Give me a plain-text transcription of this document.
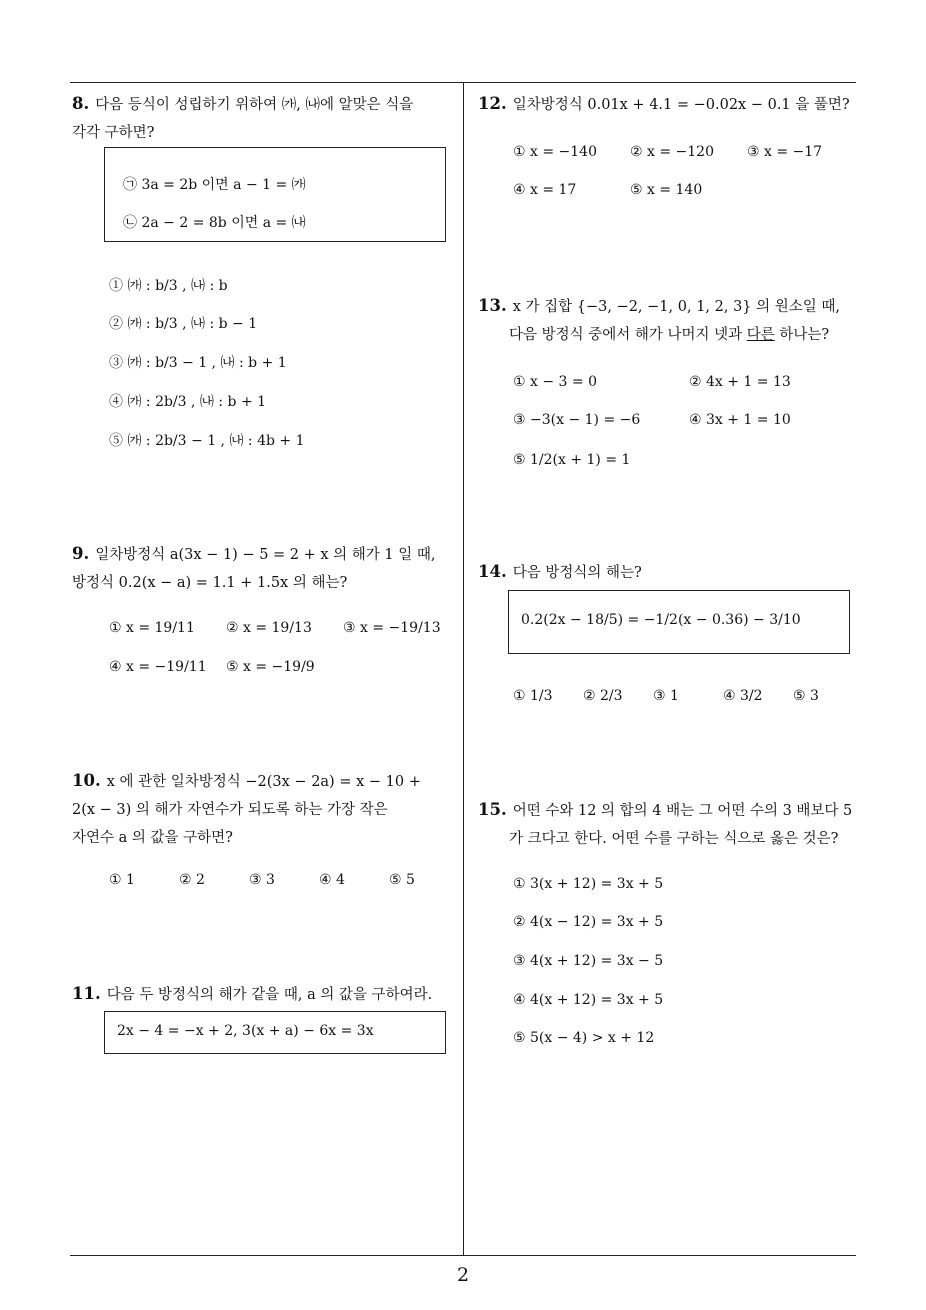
2
8. 다음 등식이 성립하기 위하여 ㈎, ㈏에 알맞은 식을
각각 구하면?
㉠ 3a = 2b 이면 a − 1 = ㈎
㉡ 2a − 2 = 8b 이면 a = ㈏
① ㈎ : b/3 , ㈏ : b
② ㈎ : b/3 , ㈏ : b − 1
③ ㈎ : b/3 − 1 , ㈏ : b + 1
④ ㈎ : 2b/3 , ㈏ : b + 1
⑤ ㈎ : 2b/3 − 1 , ㈏ : 4b + 1
9. 일차방정식 a(3x − 1) − 5 = 2 + x 의 해가 1 일 때,
방정식 0.2(x − a) = 1.1 + 1.5x 의 해는?
① x = 19/11 ② x = 19/13 ③ x = −19/13
④ x = −19/11 ⑤ x = −19/9
10. x 에 관한 일차방정식 −2(3x − 2a) = x − 10 +
2(x − 3) 의 해가 자연수가 되도록 하는 가장 작은
자연수 a 의 값을 구하면?
① 1	② 2	③ 3	④ 4	⑤ 5
11. 다음 두 방정식의 해가 같을 때, a 의 값을 구하여라.
2x − 4 = −x + 2, 3(x + a) − 6x = 3x
12. 일차방정식 0.01x + 4.1 = −0.02x − 0.1 을 풀면?
① x = −140 ② x = −120 ③ x = −17
④ x = 17	⑤ x = 140
13. x 가 집합 {−3, −2, −1, 0, 1, 2, 3} 의 원소일 때,
다음 방정식 중에서 해가 나머지 넷과 다른 하나는?
① x − 3 = 0	② 4x + 1 = 13
③ −3(x − 1) = −6	④ 3x + 1 = 10
⑤ 1/2(x + 1) = 1
14. 다음 방정식의 해는?
0.2(2x − 18/5) = −1/2(x − 0.36) − 3/10
① 1/3 ② 2/3 ③ 1	④ 3/2 ⑤ 3
15. 어떤 수와 12 의 합의 4 배는 그 어떤 수의 3 배보다 5
가 크다고 한다. 어떤 수를 구하는 식으로 옳은 것은?
① 3(x + 12) = 3x + 5
② 4(x − 12) = 3x + 5
③ 4(x + 12) = 3x − 5
④ 4(x + 12) = 3x + 5
⑤ 5(x − 4) > x + 12
